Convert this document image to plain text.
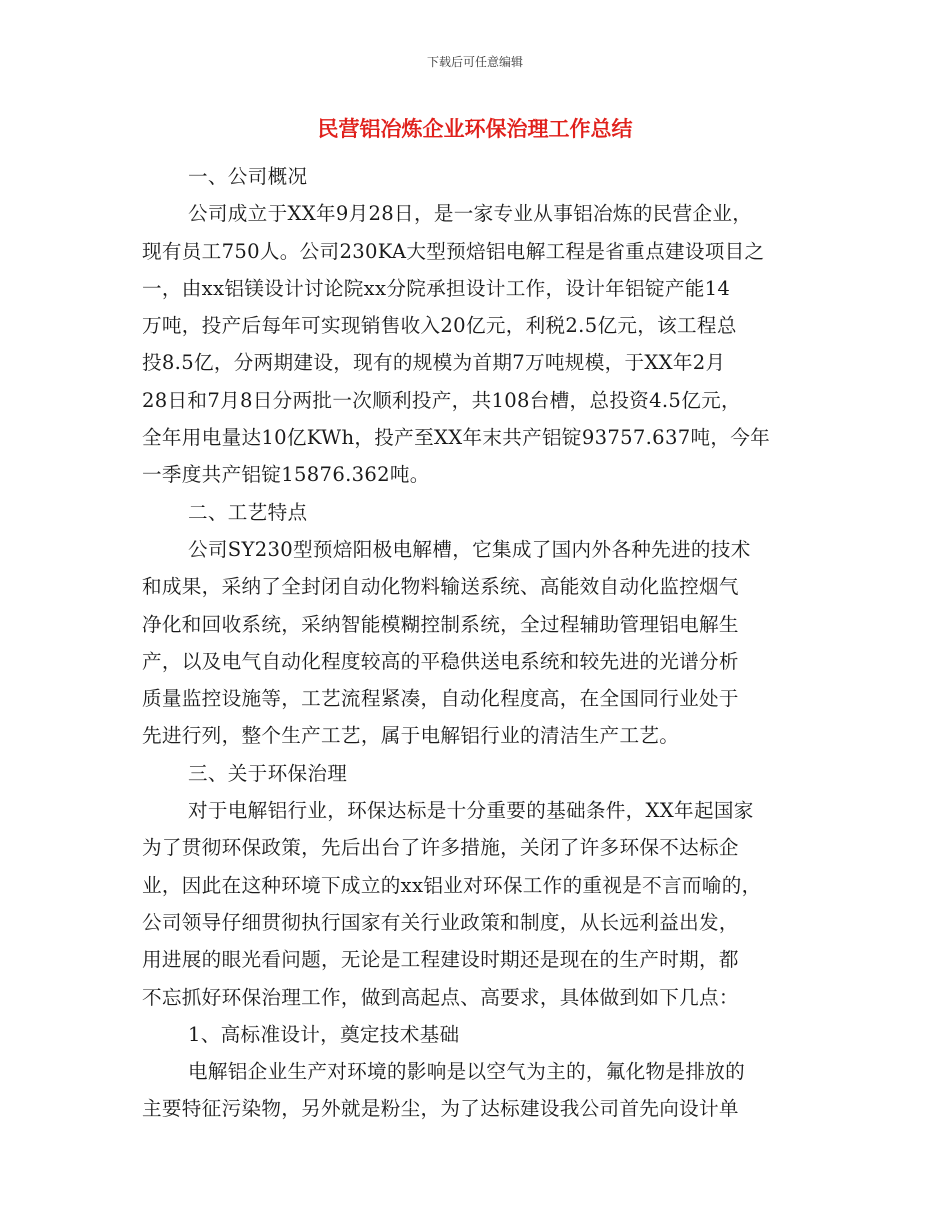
下载后可任意编辑
民营铝冶炼企业环保治理工作总结
一、公司概况
公司成立于XX年9月28日，是一家专业从事铝冶炼的民营企业，
现有员工750人。公司230KA大型预焙铝电解工程是省重点建设项目之
一，由xx铝镁设计讨论院xx分院承担设计工作，设计年铝锭产能14
万吨，投产后每年可实现销售收入20亿元，利税2.5亿元，该工程总
投8.5亿，分两期建设，现有的规模为首期7万吨规模，于XX年2月
28日和7月8日分两批一次顺利投产，共108台槽，总投资4.5亿元，
全年用电量达10亿KWh，投产至XX年末共产铝锭93757.637吨，今年
一季度共产铝锭15876.362吨。
二、工艺特点
公司SY230型预焙阳极电解槽，它集成了国内外各种先进的技术
和成果，采纳了全封闭自动化物料输送系统、高能效自动化监控烟气
净化和回收系统，采纳智能模糊控制系统，全过程辅助管理铝电解生
产，以及电气自动化程度较高的平稳供送电系统和较先进的光谱分析
质量监控设施等，工艺流程紧凑，自动化程度高，在全国同行业处于
先进行列，整个生产工艺，属于电解铝行业的清洁生产工艺。
三、关于环保治理
对于电解铝行业，环保达标是十分重要的基础条件，XX年起国家
为了贯彻环保政策，先后出台了许多措施，关闭了许多环保不达标企
业，因此在这种环境下成立的xx铝业对环保工作的重视是不言而喻的，
公司领导仔细贯彻执行国家有关行业政策和制度，从长远利益出发，
用进展的眼光看问题，无论是工程建设时期还是现在的生产时期，都
不忘抓好环保治理工作，做到高起点、高要求，具体做到如下几点：
1、高标准设计，奠定技术基础
电解铝企业生产对环境的影响是以空气为主的，氟化物是排放的
主要特征污染物，另外就是粉尘，为了达标建设我公司首先向设计单
